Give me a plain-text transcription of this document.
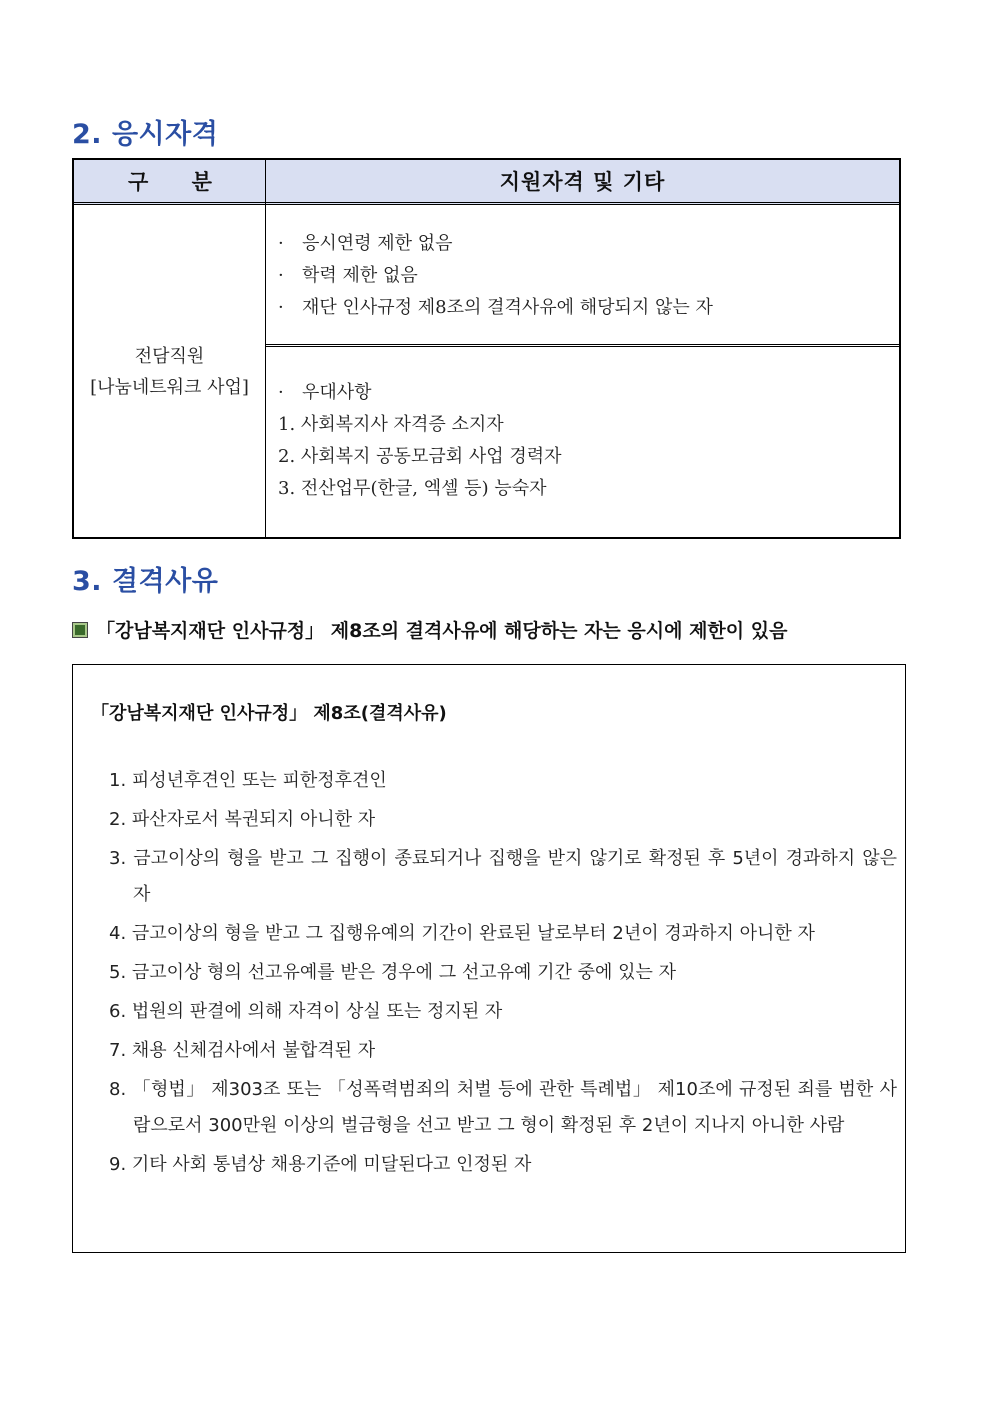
2. 응시자격
구 분	지원자격 및 기타
전담직원
[나눔네트워크 사업]
· 응시연령 제한 없음
· 학력 제한 없음
· 재단 인사규정 제8조의 결격사유에 해당되지 않는 자
· 우대사항
1. 사회복지사 자격증 소지자
2. 사회복지 공동모금회 사업 경력자
3. 전산업무(한글, 엑셀 등) 능숙자
3. 결격사유
「강남복지재단 인사규정」 제8조의 결격사유에 해당하는 자는 응시에 제한이 있음
「강남복지재단 인사규정」 제8조(결격사유)
1. 피성년후견인 또는 피한정후견인
2. 파산자로서 복권되지 아니한 자
3. 금고이상의 형을 받고 그 집행이 종료되거나 집행을 받지 않기로 확정된 후 5년이 경과하지 않은 자
4. 금고이상의 형을 받고 그 집행유예의 기간이 완료된 날로부터 2년이 경과하지 아니한 자
5. 금고이상 형의 선고유예를 받은 경우에 그 선고유예 기간 중에 있는 자
6. 법원의 판결에 의해 자격이 상실 또는 정지된 자
7. 채용 신체검사에서 불합격된 자
8. 「형법」 제303조 또는 「성폭력범죄의 처벌 등에 관한 특례법」 제10조에 규정된 죄를 범한 사람으로서 300만원 이상의 벌금형을 선고 받고 그 형이 확정된 후 2년이 지나지 아니한 사람
9. 기타 사회 통념상 채용기준에 미달된다고 인정된 자
